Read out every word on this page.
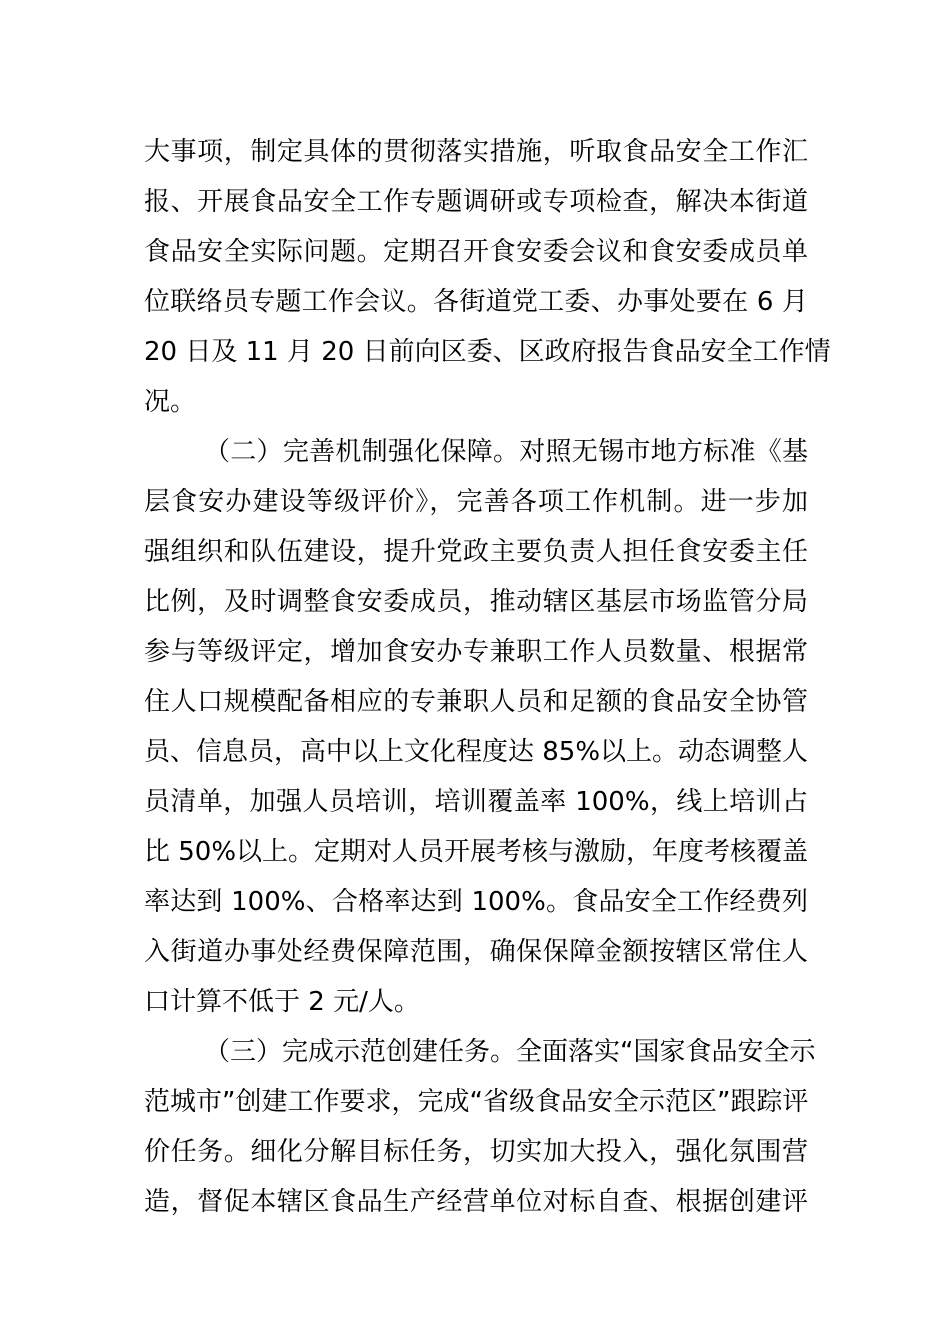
大事项，制定具体的贯彻落实措施，听取食品安全工作汇
报、开展食品安全工作专题调研或专项检查，解决本街道
食品安全实际问题。定期召开食安委会议和食安委成员单
位联络员专题工作会议。各街道党工委、办事处要在 6 月
20 日及 11 月 20 日前向区委、区政府报告食品安全工作情
况。
（二）完善机制强化保障。对照无锡市地方标准《基
层食安办建设等级评价》，完善各项工作机制。进一步加
强组织和队伍建设，提升党政主要负责人担任食安委主任
比例，及时调整食安委成员，推动辖区基层市场监管分局
参与等级评定，增加食安办专兼职工作人员数量、根据常
住人口规模配备相应的专兼职人员和足额的食品安全协管
员、信息员，高中以上文化程度达 85%以上。动态调整人
员清单，加强人员培训，培训覆盖率 100%，线上培训占
比 50%以上。定期对人员开展考核与激励，年度考核覆盖
率达到 100%、合格率达到 100%。食品安全工作经费列
入街道办事处经费保障范围，确保保障金额按辖区常住人
口计算不低于 2 元/人。
（三）完成示范创建任务。全面落实“国家食品安全示
范城市”创建工作要求，完成“省级食品安全示范区”跟踪评
价任务。细化分解目标任务，切实加大投入，强化氛围营
造，督促本辖区食品生产经营单位对标自查、根据创建评
